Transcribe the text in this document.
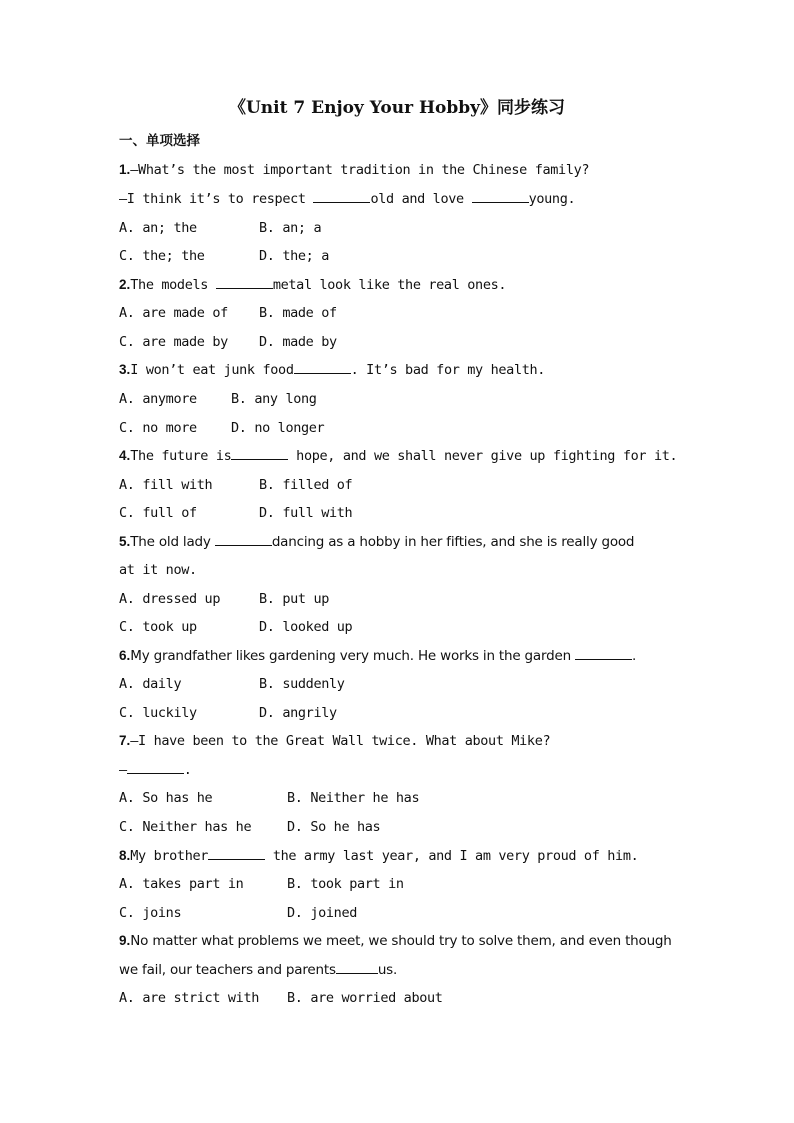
《Unit 7 Enjoy Your Hobby》同步练习
一、单项选择
1.—What’s the most important tradition in the Chinese family?
—I think it’s to respect	old and love	young.
A. an; the	B. an; a
C. the; the	D. the; a
2.The models	metal look like the real ones.
A. are made of B. made of
C. are made by D. made by
3.I won’t eat junk food	. It’s bad for my health.
A. anymore	B. any long
C. no more	D. no longer
4.The future is	hope, and we shall never give up fighting for it.
A. fill with	B. filled of
C. full of	D. full with
5.The old lady	dancing as a hobby in her fifties, and she is really good
at it now.
A. dressed up	B. put up
C. took up	D. looked up
6.My grandfather likes gardening very much. He works in the garden	.
A. daily	B. suddenly
C. luckily	D. angrily
7.—I have been to the Great Wall twice. What about Mike?
—	.
A. So has he	B. Neither he has
C. Neither has he	D. So he has
8.My brother	the army last year, and I am very proud of him.
A. takes part in	B. took part in
C. joins	D. joined
9.No matter what problems we meet, we should try to solve them, and even though
we fail, our teachers and parents	us.
A. are strict with B. are worried about
